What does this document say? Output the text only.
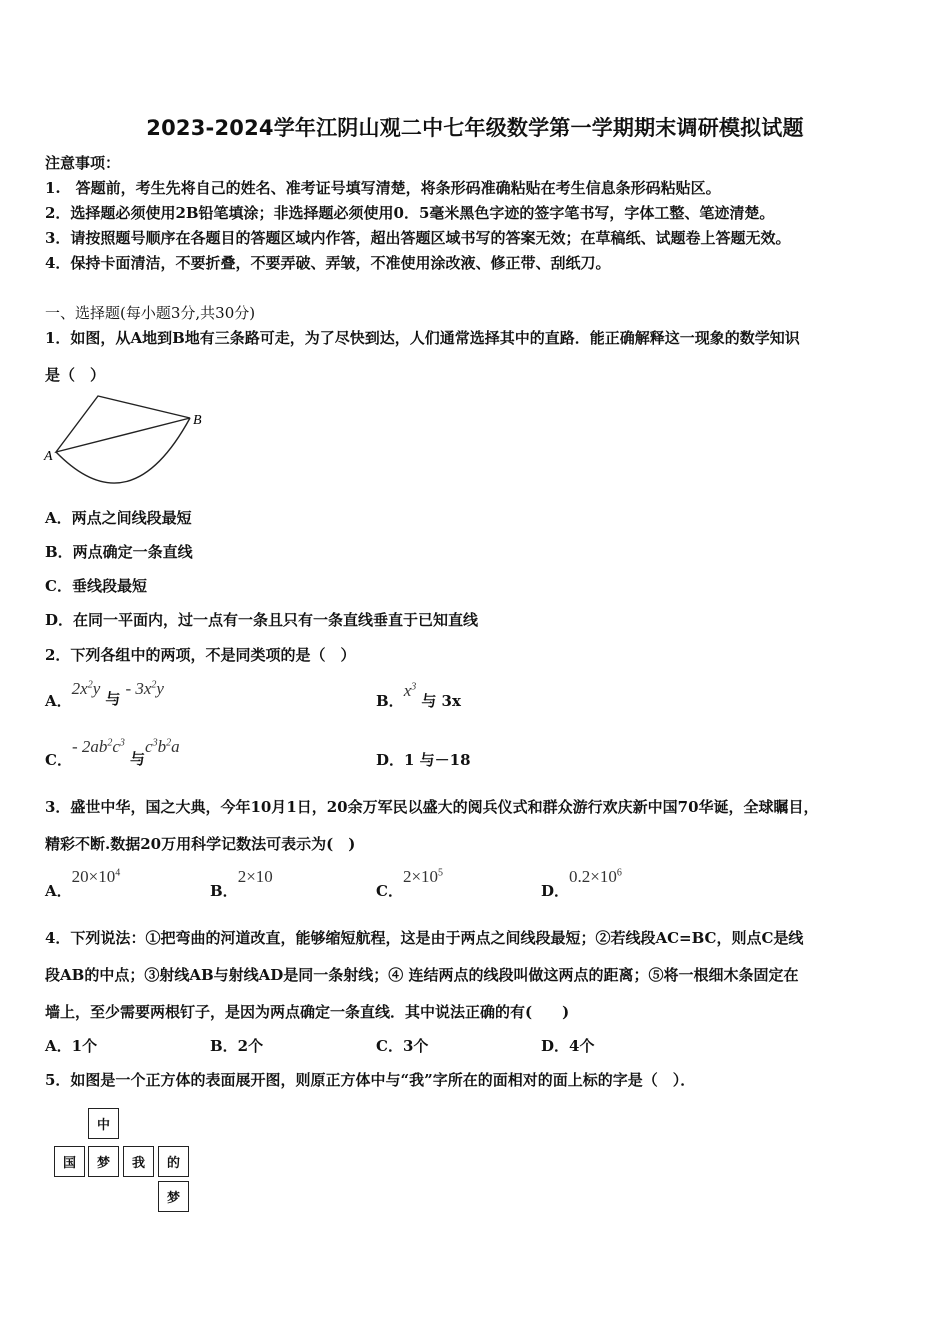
2023-2024学年江阴山观二中七年级数学第一学期期末调研模拟试题
注意事项：
1.　答题前，考生先将自己的姓名、准考证号填写清楚，将条形码准确粘贴在考生信息条形码粘贴区。
2．选择题必须使用2B铅笔填涂；非选择题必须使用0．5毫米黑色字迹的签字笔书写，字体工整、笔迹清楚。
3．请按照题号顺序在各题目的答题区域内作答，超出答题区域书写的答案无效；在草稿纸、试题卷上答题无效。
4．保持卡面清洁，不要折叠，不要弄破、弄皱，不准使用涂改液、修正带、刮纸刀。
一、选择题(每小题3分,共30分)
1．如图，从A地到B地有三条路可走，为了尽快到达，人们通常选择其中的直路．能正确解释这一现象的数学知识
是（　）
A
B
A．两点之间线段最短
B．两点确定一条直线
C．垂线段最短
D．在同一平面内，过一点有一条且只有一条直线垂直于已知直线
2．下列各组中的两项，不是同类项的是（　）
A．$2x^2y$ 与 - $3x^2y$
B．$x^3$ 与 3x
C．- $2ab^2c^3$ 与$c^3b^2a$
D．1 与－18
3．盛世中华，国之大典，今年10月1日，20余万军民以盛大的阅兵仪式和群众游行欢庆新中国70华诞，全球瞩目，
精彩不断.数据20万用科学记数法可表示为(　)
A．$20\times 10^4$
B．2×10
C．$2\times 10^5$
D．$0.2\times 10^6$
4．下列说法：①把弯曲的河道改直，能够缩短航程，这是由于两点之间线段最短；②若线段AC=BC，则点C是线
段AB的中点；③射线AB与射线AD是同一条射线；④ 连结两点的线段叫做这两点的距离；⑤将一根细木条固定在
墙上，至少需要两根钉子，是因为两点确定一条直线．其中说法正确的有(　　)
A．1个	B．2个	C．3个	D．4个
5．如图是一个正方体的表面展开图，则原正方体中与“我”字所在的面相对的面上标的字是（　）．
中
国	梦	我	的
梦
